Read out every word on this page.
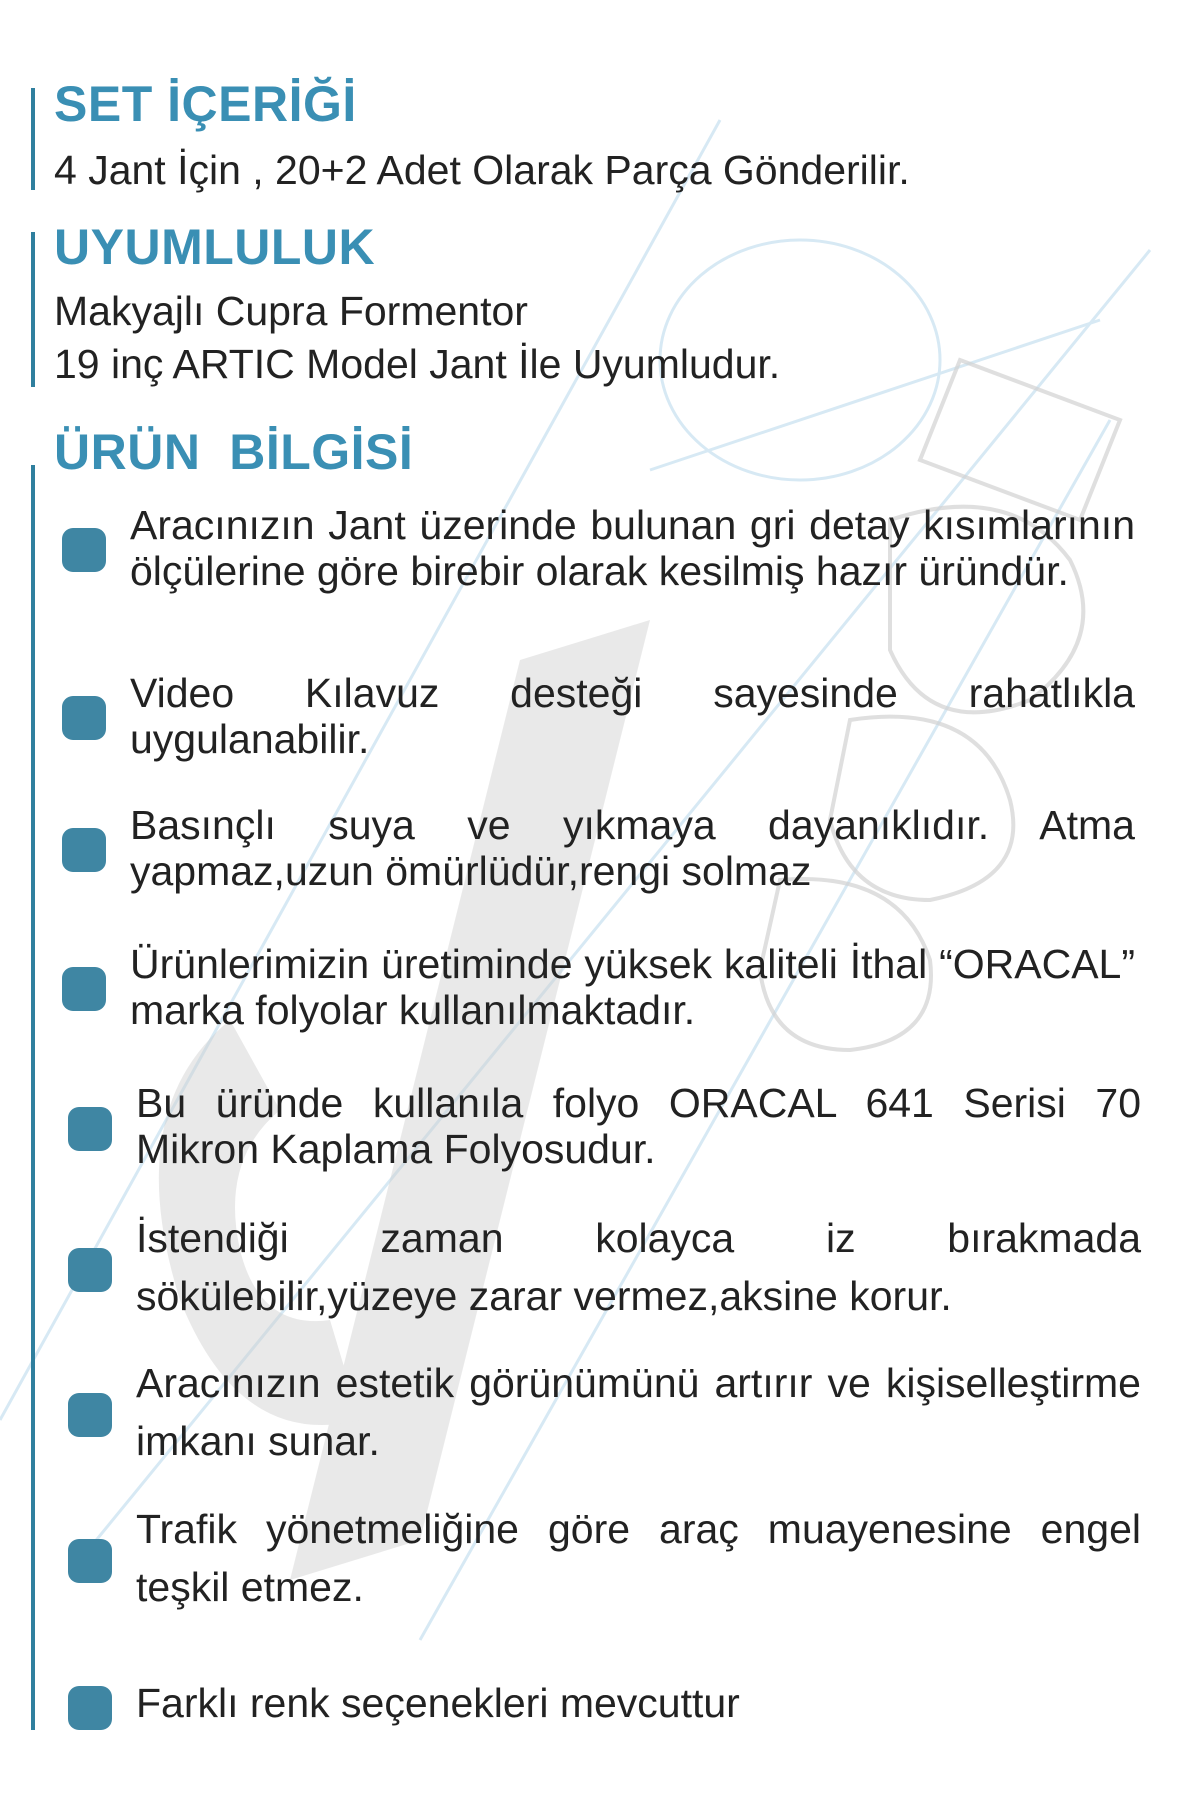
SET İÇERİĞİ

4 Jant İçin , 20+2 Adet Olarak Parça Gönderilir.

UYUMLULUK

Makyajlı Cupra Formentor

19 inç ARTIC Model Jant İle Uyumludur.

ÜRÜN  BİLGİSİ

Aracınızın Jant üzerinde bulunan gri detay kısımlarının ölçülerine göre birebir olarak kesilmiş hazır üründür.

Video Kılavuz desteği sayesinde rahatlıkla uygulanabilir.

Basınçlı suya ve yıkmaya dayanıklıdır. Atma yapmaz,uzun ömürlüdür,rengi solmaz

Ürünlerimizin üretiminde yüksek kaliteli İthal “ORACAL” marka folyolar kullanılmaktadır.

Bu üründe kullanıla folyo ORACAL 641 Serisi 70 Mikron Kaplama Folyosudur.

İstendiği zaman kolayca iz bırakmada sökülebilir,yüzeye zarar vermez,aksine korur.

Aracınızın estetik görünümünü artırır ve kişiselleştirme imkanı sunar.

Trafik yönetmeliğine göre araç muayenesine engel teşkil etmez.

Farklı renk seçenekleri mevcuttur
